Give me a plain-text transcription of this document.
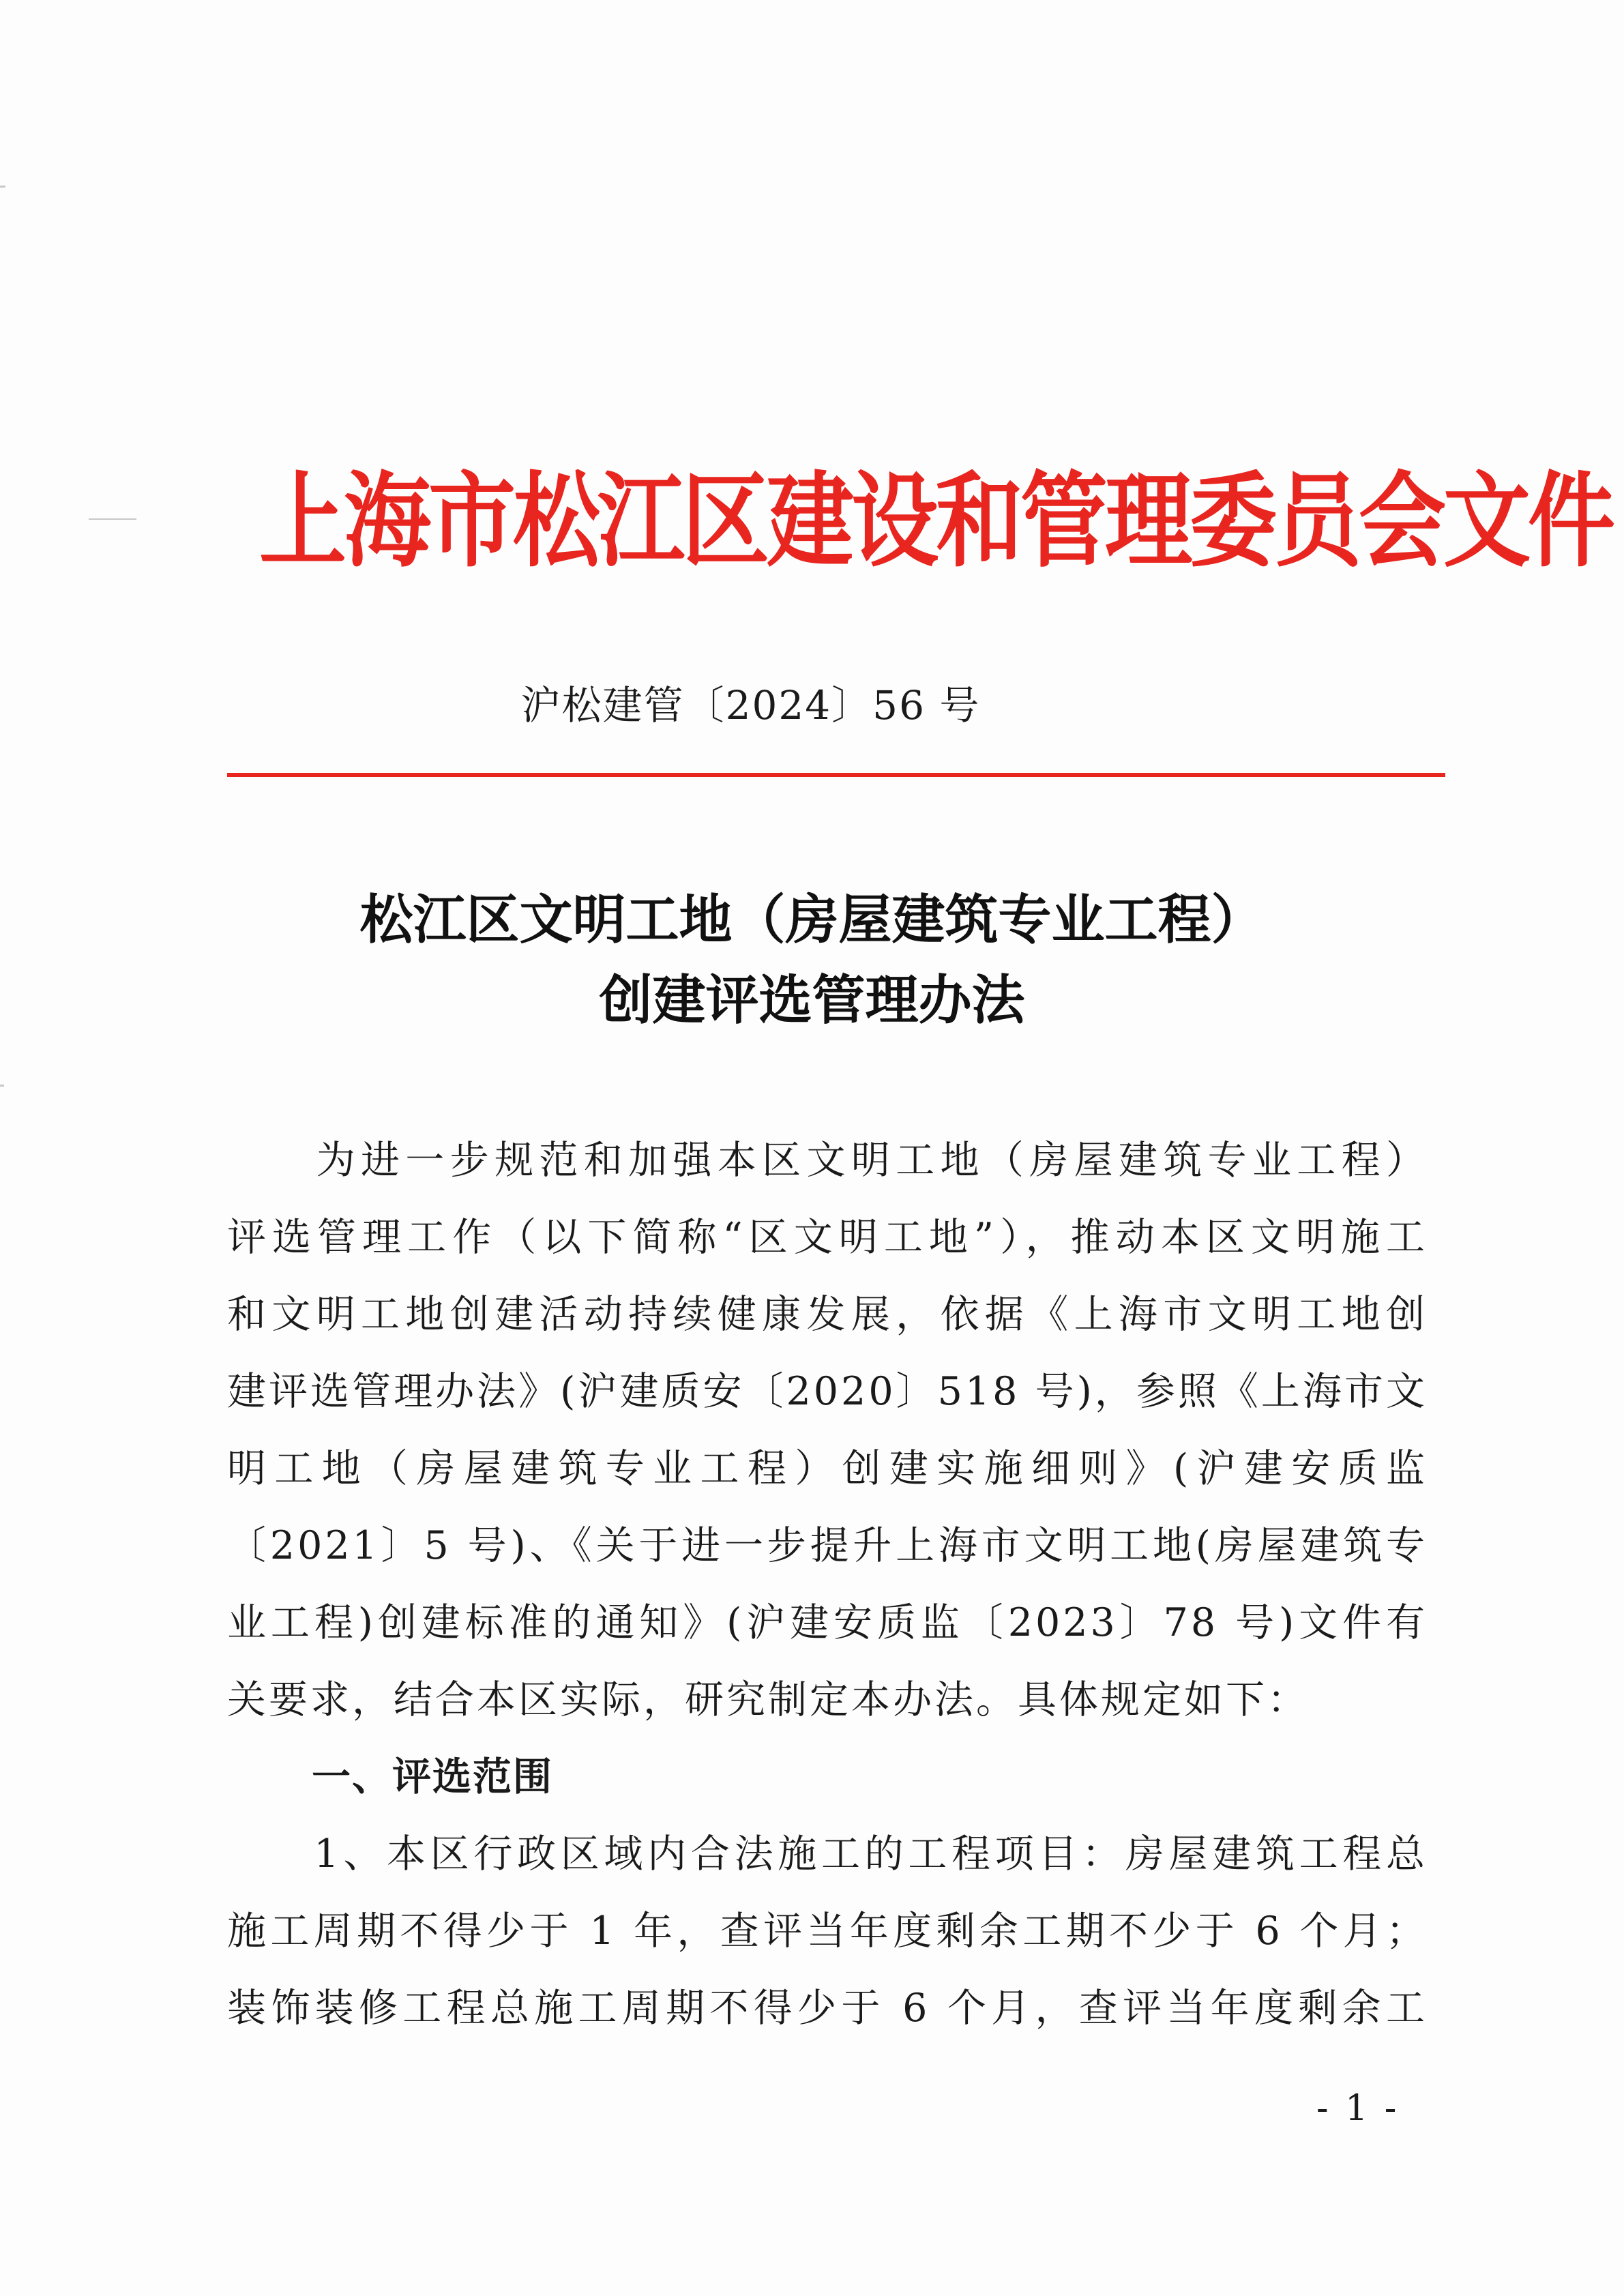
上海市松江区建设和管理委员会文件
沪松建管〔2024〕56 号
松江区文明工地（房屋建筑专业工程）
创建评选管理办法
　　为进一步规范和加强本区文明工地（房屋建筑专业工程）
评选管理工作（以下简称“区文明工地”），推动本区文明施工
和文明工地创建活动持续健康发展，依据《上海市文明工地创
建评选管理办法》(沪建质安〔2020〕518 号)，参照《上海市文
明工地（房屋建筑专业工程）创建实施细则》(沪建安质监
〔2021〕5 号)、《关于进一步提升上海市文明工地(房屋建筑专
业工程)创建标准的通知》(沪建安质监〔2023〕78 号)文件有
关要求，结合本区实际，研究制定本办法。具体规定如下：
一、评选范围
　　1、本区行政区域内合法施工的工程项目：房屋建筑工程总
施工周期不得少于 1 年，查评当年度剩余工期不少于 6 个月；
装饰装修工程总施工周期不得少于 6 个月，查评当年度剩余工
- 1 -
